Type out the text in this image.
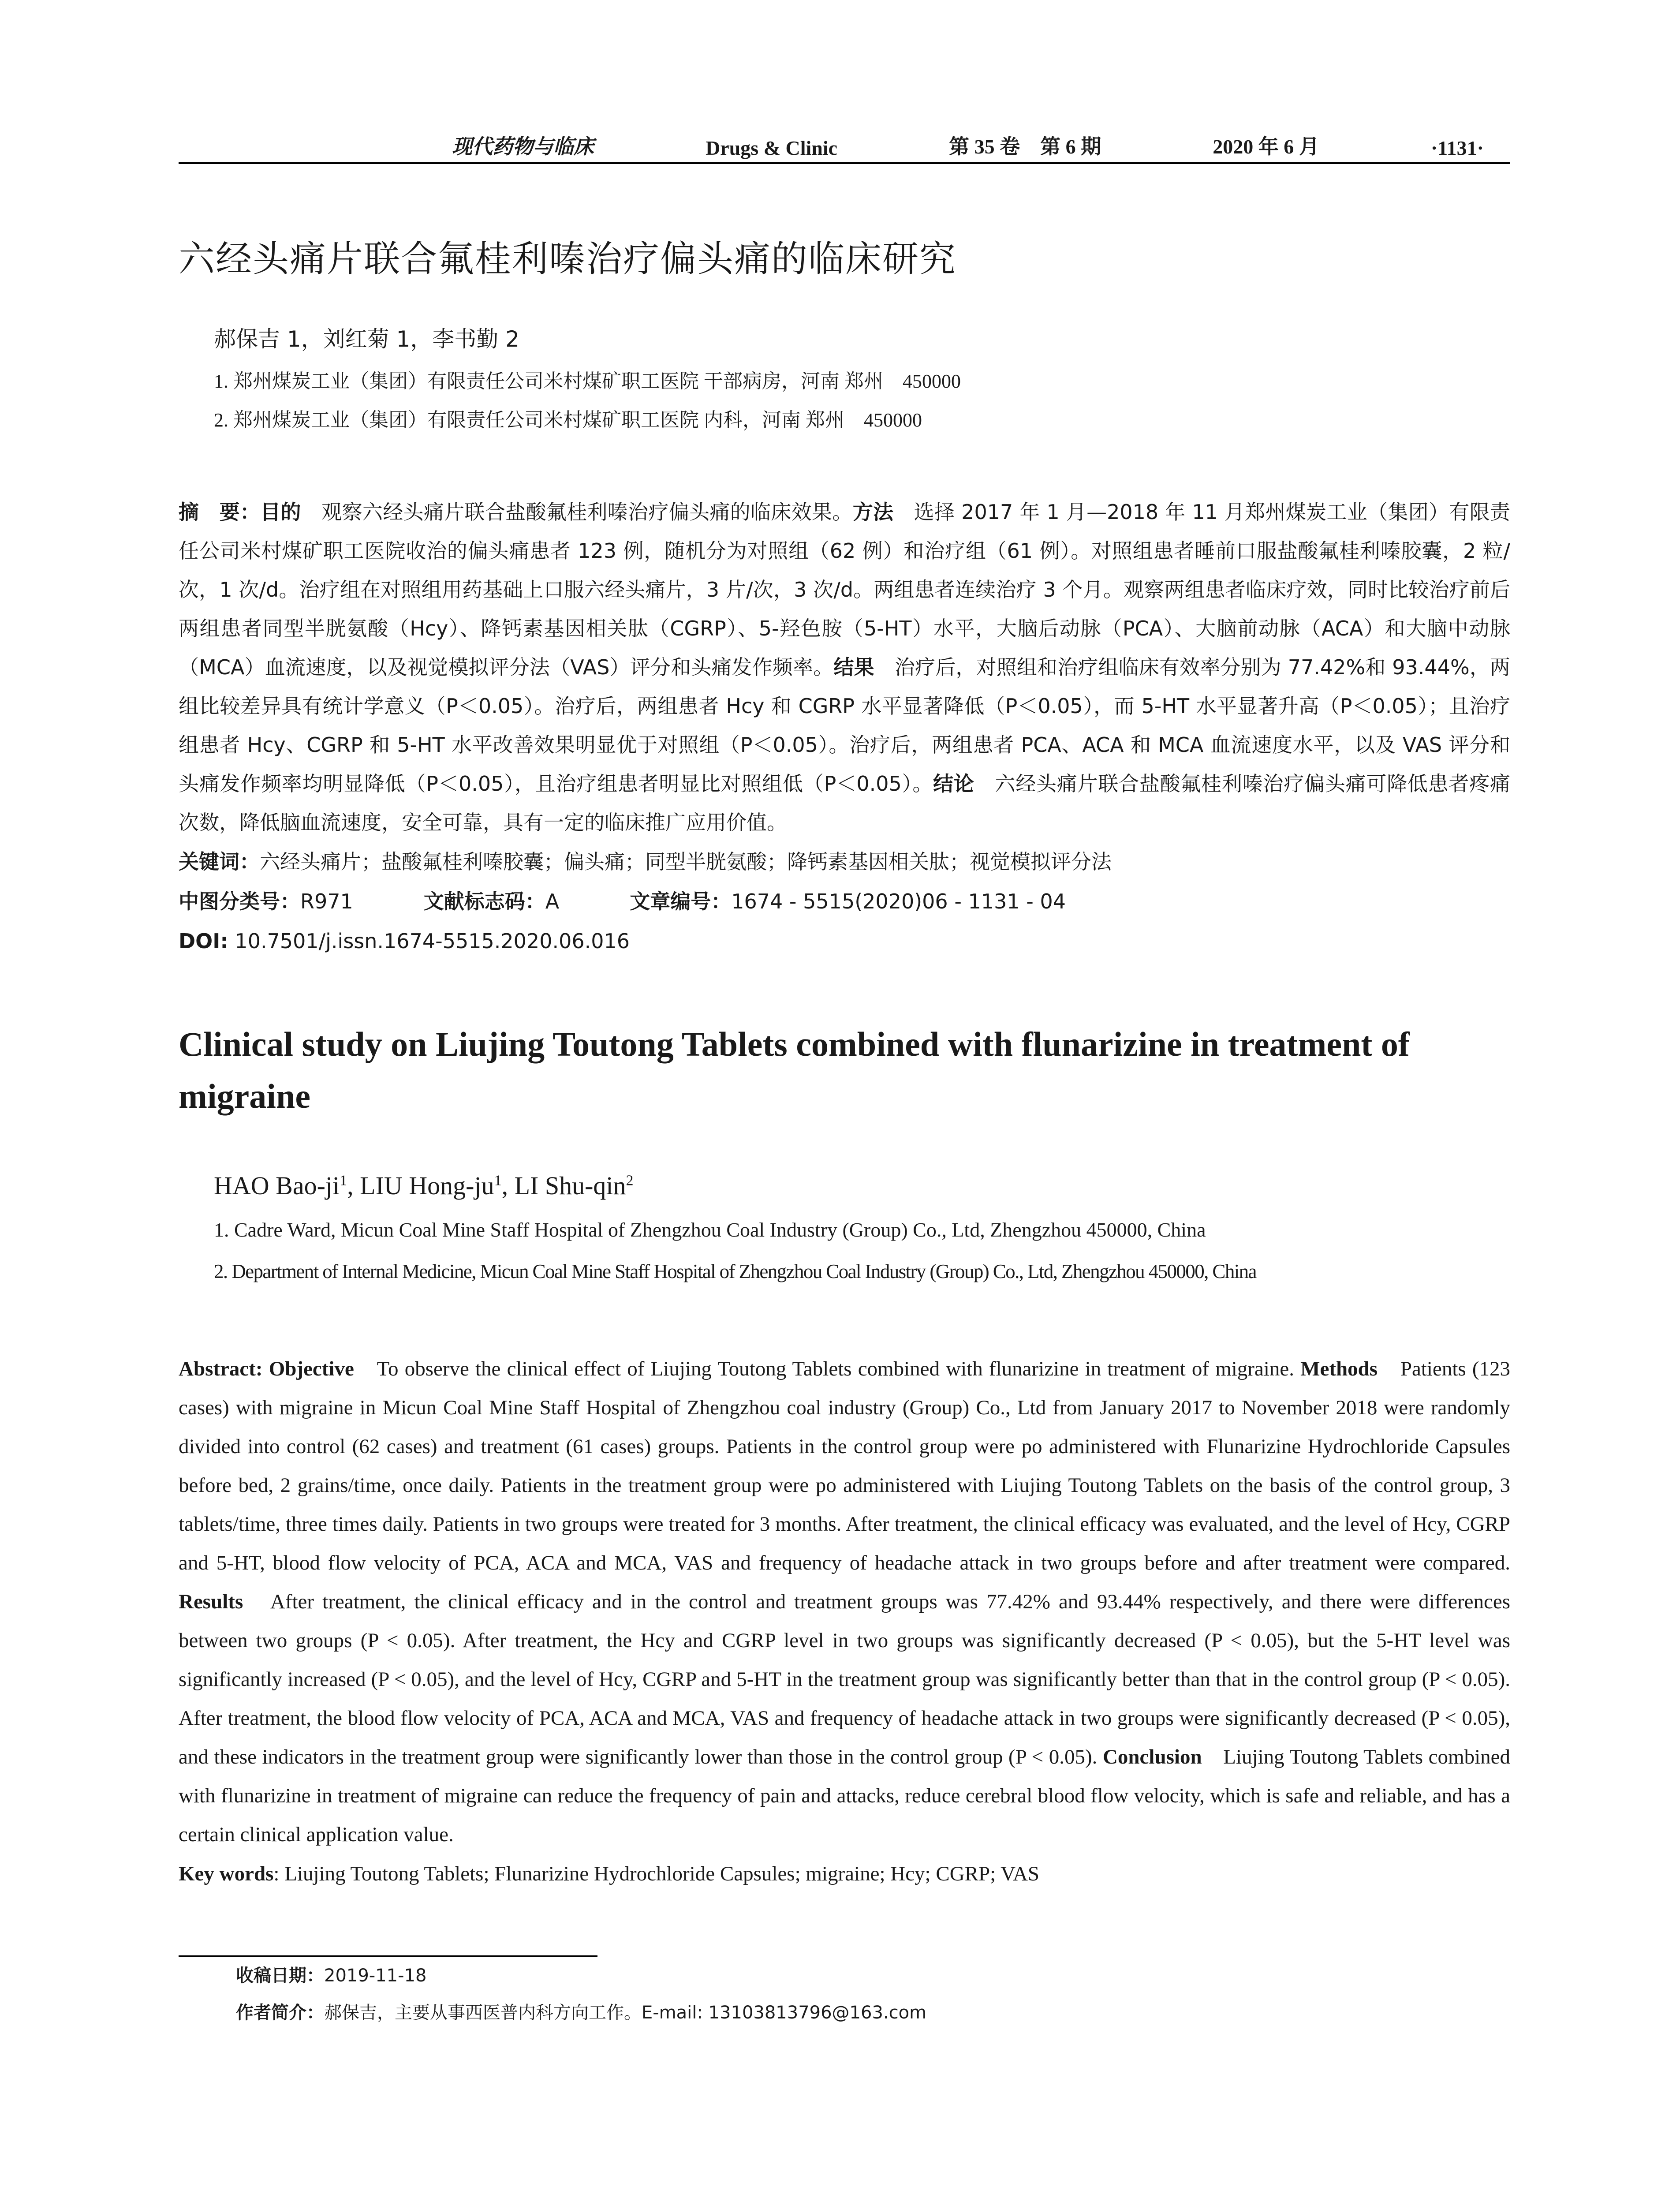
现代药物与临床	Drugs & Clinic	第 35 卷 第 6 期	2020 年 6 月	·1131·
六经头痛片联合氟桂利嗪治疗偏头痛的临床研究
郝保吉 1，刘红菊 1，李书勤 2
1. 郑州煤炭工业（集团）有限责任公司米村煤矿职工医院 干部病房，河南 郑州　450000
2. 郑州煤炭工业（集团）有限责任公司米村煤矿职工医院 内科，河南 郑州　450000
摘　要：目的　观察六经头痛片联合盐酸氟桂利嗪治疗偏头痛的临床效果。方法　选择 2017 年 1 月—2018 年 11 月郑州煤炭工业（集团）有限责任公司米村煤矿职工医院收治的偏头痛患者 123 例，随机分为对照组（62 例）和治疗组（61 例）。对照组患者睡前口服盐酸氟桂利嗪胶囊，2 粒/次，1 次/d。治疗组在对照组用药基础上口服六经头痛片，3 片/次，3 次/d。两组患者连续治疗 3 个月。观察两组患者临床疗效，同时比较治疗前后两组患者同型半胱氨酸（Hcy）、降钙素基因相关肽（CGRP）、5-羟色胺（5-HT）水平，大脑后动脉（PCA）、大脑前动脉（ACA）和大脑中动脉（MCA）血流速度，以及视觉模拟评分法（VAS）评分和头痛发作频率。结果　治疗后，对照组和治疗组临床有效率分别为 77.42%和 93.44%，两组比较差异具有统计学意义（P＜0.05）。治疗后，两组患者 Hcy 和 CGRP 水平显著降低（P＜0.05），而 5-HT 水平显著升高（P＜0.05）；且治疗组患者 Hcy、CGRP 和 5-HT 水平改善效果明显优于对照组（P＜0.05）。治疗后，两组患者 PCA、ACA 和 MCA 血流速度水平，以及 VAS 评分和头痛发作频率均明显降低（P＜0.05），且治疗组患者明显比对照组低（P＜0.05）。结论　六经头痛片联合盐酸氟桂利嗪治疗偏头痛可降低患者疼痛次数，降低脑血流速度，安全可靠，具有一定的临床推广应用价值。
关键词：六经头痛片；盐酸氟桂利嗪胶囊；偏头痛；同型半胱氨酸；降钙素基因相关肽；视觉模拟评分法
中图分类号：R971	文献标志码：A	文章编号：1674 - 5515(2020)06 - 1131 - 04
DOI: 10.7501/j.issn.1674-5515.2020.06.016
Clinical study on Liujing Toutong Tablets combined with flunarizine in treatment of migraine
HAO Bao-$ji^1$, LIU Hong-$ju^1$, LI Shu-qin$^2$
1. Cadre Ward, Micun Coal Mine Staff Hospital of Zhengzhou Coal Industry (Group) Co., Ltd, Zhengzhou 450000, China
2. Department of Internal Medicine, Micun Coal Mine Staff Hospital of Zhengzhou Coal Industry (Group) Co., Ltd, Zhengzhou 450000, China
Abstract: Objective　To observe the clinical effect of Liujing Toutong Tablets combined with flunarizine in treatment of migraine. Methods　Patients (123 cases) with migraine in Micun Coal Mine Staff Hospital of Zhengzhou coal industry (Group) Co., Ltd from January 2017 to November 2018 were randomly divided into control (62 cases) and treatment (61 cases) groups. Patients in the control group were po administered with Flunarizine Hydrochloride Capsules before bed, 2 grains/time, once daily. Patients in the treatment group were po administered with Liujing Toutong Tablets on the basis of the control group, 3 tablets/time, three times daily. Patients in two groups were treated for 3 months. After treatment, the clinical efficacy was evaluated, and the level of Hcy, CGRP and 5-HT, blood flow velocity of PCA, ACA and MCA, VAS and frequency of headache attack in two groups before and after treatment were compared. Results　After treatment, the clinical efficacy and in the control and treatment groups was 77.42% and 93.44% respectively, and there were differences between two groups (P < 0.05). After treatment, the Hcy and CGRP level in two groups was significantly decreased (P < 0.05), but the 5-HT level was significantly increased (P < 0.05), and the level of Hcy, CGRP and 5-HT in the treatment group was significantly better than that in the control group (P < 0.05). After treatment, the blood flow velocity of PCA, ACA and MCA, VAS and frequency of headache attack in two groups were significantly decreased (P < 0.05), and these indicators in the treatment group were significantly lower than those in the control group (P < 0.05). Conclusion　Liujing Toutong Tablets combined with flunarizine in treatment of migraine can reduce the frequency of pain and attacks, reduce cerebral blood flow velocity, which is safe and reliable, and has a certain clinical application value.
Key words: Liujing Toutong Tablets; Flunarizine Hydrochloride Capsules; migraine; Hcy; CGRP; VAS
收稿日期：2019-11-18
作者简介：郝保吉，主要从事西医普内科方向工作。E-mail: 13103813796@163.com
